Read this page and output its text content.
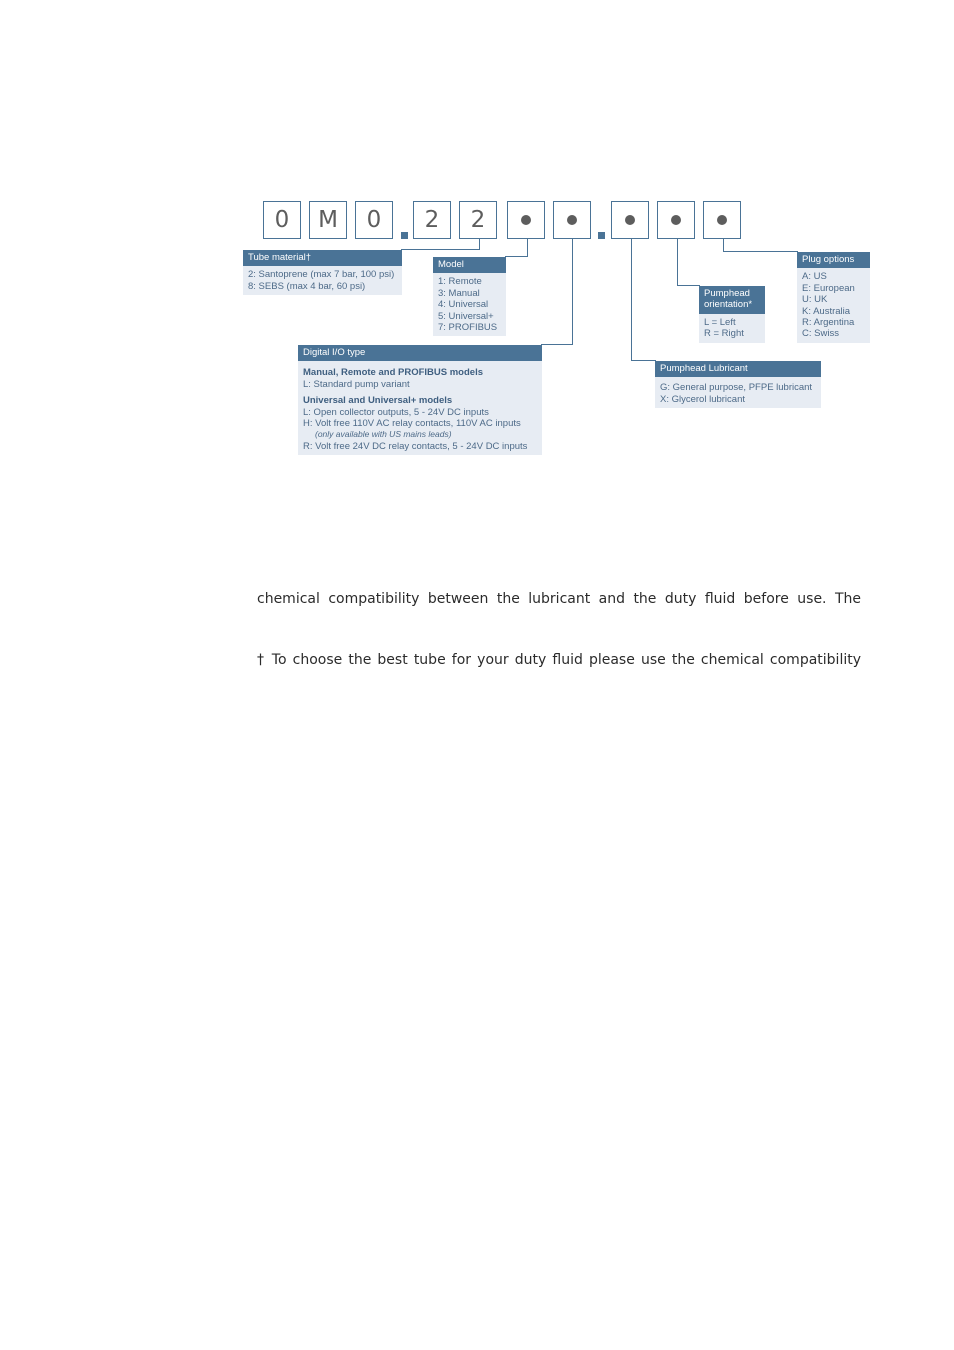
0 M 0 2 2
Tube material†
2: Santoprene (max 7 bar, 100 psi)
8: SEBS (max 4 bar, 60 psi)
Model
1: Remote
3: Manual
4: Universal
5: Universal+
7: PROFIBUS
Digital I/O type
Manual, Remote and PROFIBUS models
L: Standard pump variant
Universal and Universal+ models
L: Open collector outputs, 5 - 24V DC inputs
H: Volt free 110V AC relay contacts, 110V AC inputs
(only available with US mains leads)
R: Volt free 24V DC relay contacts, 5 - 24V DC inputs
Pumphead
orientation*
L = Left
R = Right
Plug options
A: US
E: European
U: UK
K: Australia
R: Argentina
C: Swiss
Pumphead Lubricant
G: General purpose, PFPE lubricant
X: Glycerol lubricant
chemical compatibility between the lubricant and the duty fluid before use. The
† To choose the best tube for your duty fluid please use the chemical compatibility
